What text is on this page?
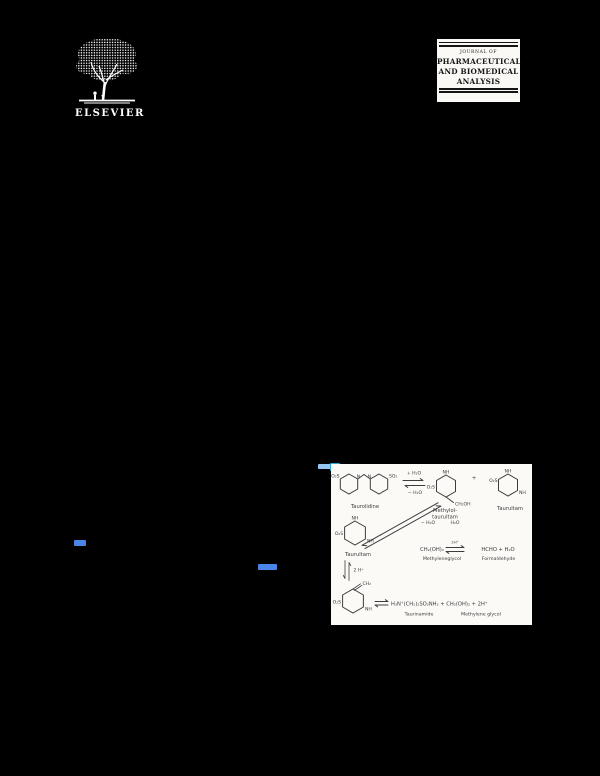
ELSEVIER
JOURNAL OF
PHARMACEUTICAL
AND BIOMEDICAL
ANALYSIS
O₂S	N N	SO₂
Taurolidine
+ H₂O
− H₂O
NH
O₂S
CH₂OH
Methylol-
taurultam
+
NH
NH
O₂S
Taurultam
− H₂O	H₂O
NH
O₂S
NH
Taurultam
2 H⁺
CH₂(OH)₂
2H⁺
HCHO + H₂O
Methyleneglycol	Formaldehyde
O₂S
NH
CH₂
H₃N⁺(CH₂)₂SO₂NH₂ + CH₂(OH)₂ + 2H⁺
Taurinamide	Methylene glycol
